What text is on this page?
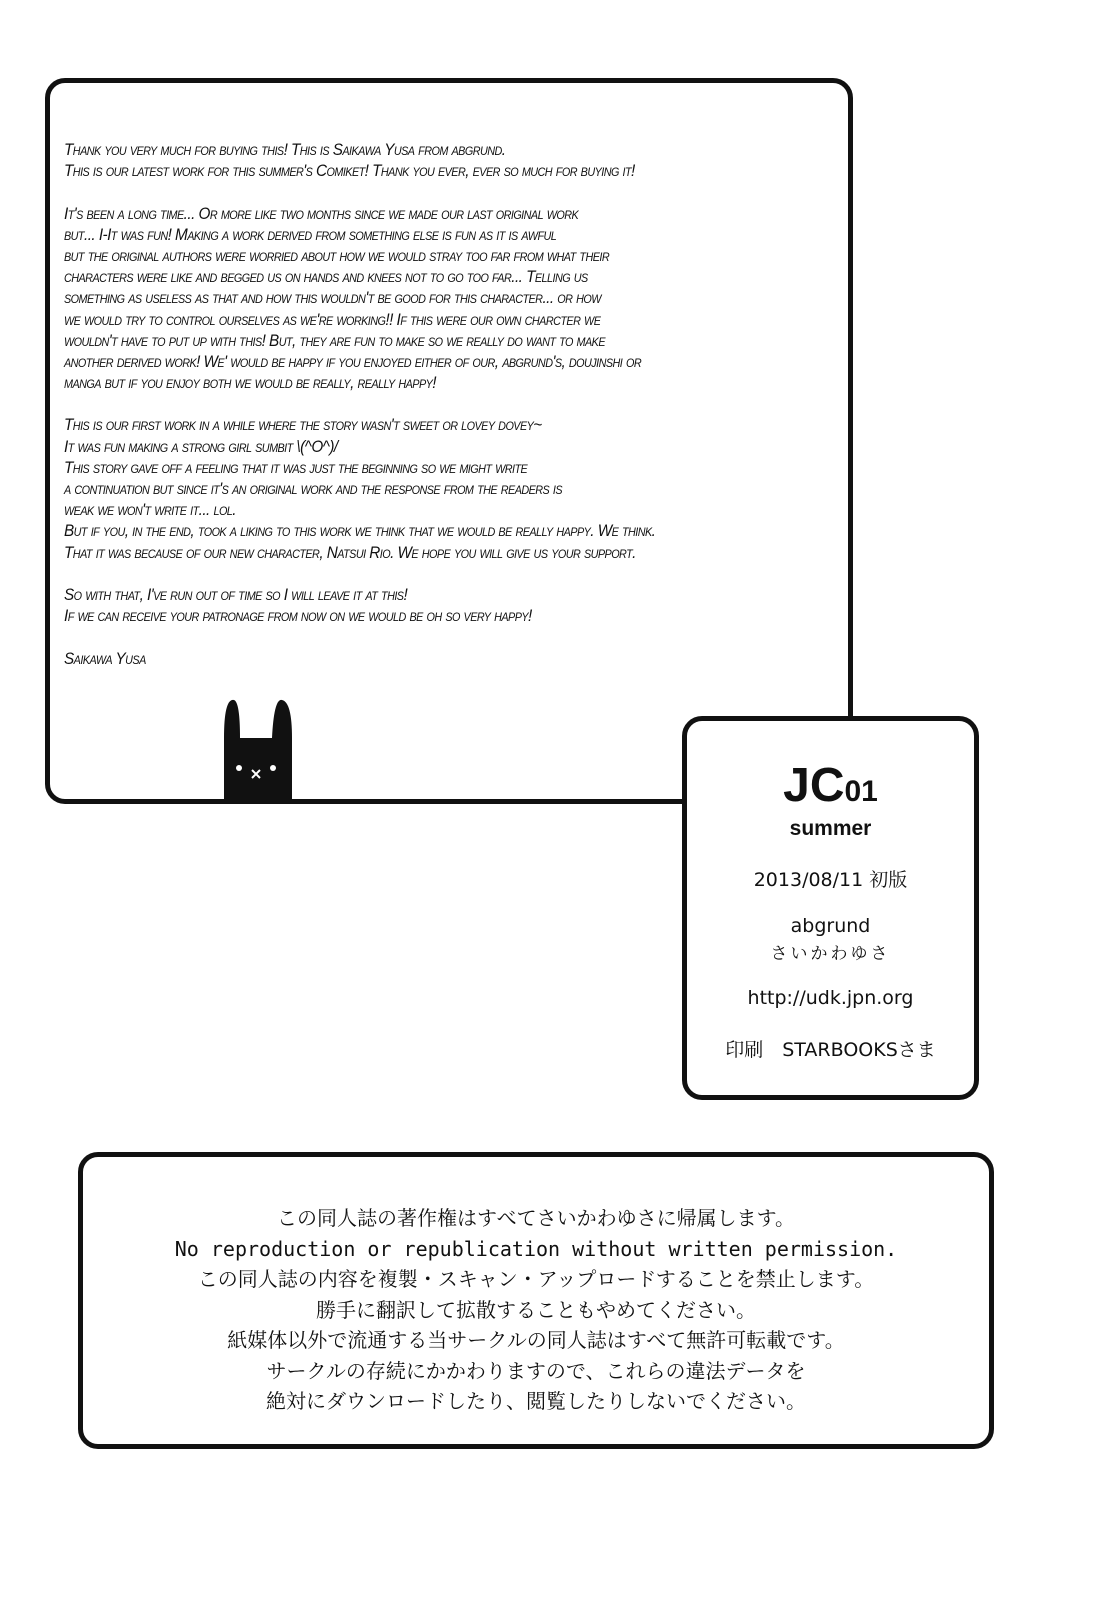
Thank you very much for buying this! This is Saikawa Yusa from abgrund.
This is our latest work for this summer's Comiket! Thank you ever, ever so much for buying it!
It's been a long time... Or more like two months since we made our last original work
but... I-It was fun! Making a work derived from something else is fun as it is awful
but the original authors were worried about how we would stray too far from what their
characters were like and begged us on hands and knees not to go too far... Telling us
something as useless as that and how this wouldn't be good for this character... or how
we would try to control ourselves as we're working!! If this were our own charcter we
wouldn't have to put up with this! But, they are fun to make so we really do want to make
another derived work! We' would be happy if you enjoyed either of our, abgrund's, doujinshi or
manga but if you enjoy both we would be really, really happy!
This is our first work in a while where the story wasn't sweet or lovey dovey~
It was fun making a strong girl sumbit \(^O^)/
This story gave off a feeling that it was just the beginning so we might write
a continuation but since it's an original work and the response from the readers is
weak we won't write it... lol.
But if you, in the end, took a liking to this work we think that we would be really happy. We think.
That it was because of our new character, Natsui Rio. We hope you will give us your support.
So with that, I've run out of time so I will leave it at this!
If we can receive your patronage from now on we would be oh so very happy!
Saikawa Yusa
JC01
summer
2013/08/11 初版
abgrund
さいかわゆさ
http://udk.jpn.org
印刷　STARBOOKSさま
この同人誌の著作権はすべてさいかわゆさに帰属します。
No reproduction or republication without written permission.
この同人誌の内容を複製・スキャン・アップロードすることを禁止します。
勝手に翻訳して拡散することもやめてください。
紙媒体以外で流通する当サークルの同人誌はすべて無許可転載です。
サークルの存続にかかわりますので、これらの違法データを
絶対にダウンロードしたり、閲覧したりしないでください。
